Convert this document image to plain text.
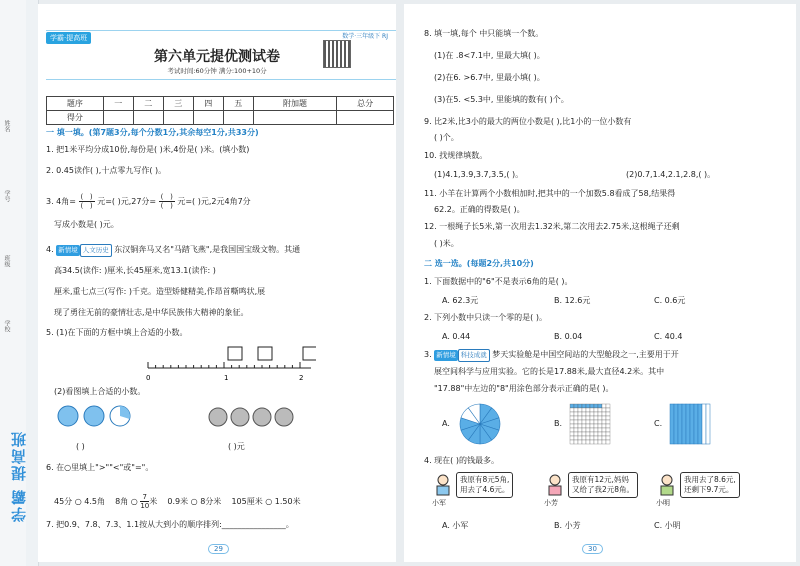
姓名
学号
班级
学校
学霸 提高班
学霸·提高班	数学·三年级下 RJ
第六单元提优测试卷
考试时间:60分钟 满分:100+10分
题序	一	二	三	四	五	附加题	总分
得分							
一 填一填。(第7题3分,每个分数1分,其余每空1分,共33分)
1. 把1米平均分成10份,每份是( )米,4份是( )米。(填小数)
2. 0.45读作( ),十点零九写作( )。
3. 4角= (   )
(   ) 元=( )元,27分= (   )
(   ) 元=( )元,2元4角7分
写成小数是( )元。
4. 新情境 人文历史 东汉铜奔马又名"马踏飞燕",是我国国宝级文物。其通
高34.5(读作: )厘米,长45厘米,宽13.1(读作: )
厘米,重七点三(写作: )千克。造型矫健精美,作昂首嘶鸣状,展
现了勇往无前的豪情壮志,是中华民族伟大精神的象征。
5. (1)在下面的方框中填上合适的小数。
0	1	2
(2)看图填上合适的小数。
( )	( )元
6. 在○里填上">""<"或"="。
45分 ○ 4.5角 8角 ○ $\frac{7}{10}$米 0.9米 ○ 8分米 105厘米 ○ 1.50米
7. 把0.9、7.8、7.3、1.1按从大到小的顺序排列:________________。
29
8. 填一填,每个 中只能填一个数。
(1)在 .8<7.1中, 里最大填( )。
(2)在6. >6.7中, 里最小填( )。
(3)在5. <5.3中, 里能填的数有( )个。
9. 比2米,比3小的最大的两位小数是( ),比1小的一位小数有
( )个。
10. 找规律填数。
(1)4.1,3.9,3.7,3.5,( )。	(2)0.7,1.4,2.1,2.8,( )。
11. 小羊在计算两个小数相加时,把其中的一个加数5.8看成了58,结果得
62.2。正确的得数是( )。
12. 一根绳子长5米,第一次用去1.32米,第二次用去2.75米,这根绳子还剩
( )米。
二 选一选。(每题2分,共10分)
1. 下面数据中的"6"不是表示6角的是( )。
A. 62.3元	B. 12.6元	C. 0.6元
2. 下列小数中只读一个零的是( )。
A. 0.44	B. 0.04	C. 40.4
3. 新情境 科技成就 梦天实验舱是中国空间站的大型舱段之一,主要用于开
展空间科学与应用实验。它的长是17.88米,最大直径4.2米。其中
"17.88"中左边的"8"用涂色部分表示正确的是( )。
A.	B.	C.
4. 现在( )的钱最多。
我原有8元5角,
用去了4.6元。
小军
我原有12元,妈妈
又给了我2元8角。
小芳
我用去了8.6元,
还剩下9.7元。
小明
A. 小军	B. 小芳	C. 小明
30
